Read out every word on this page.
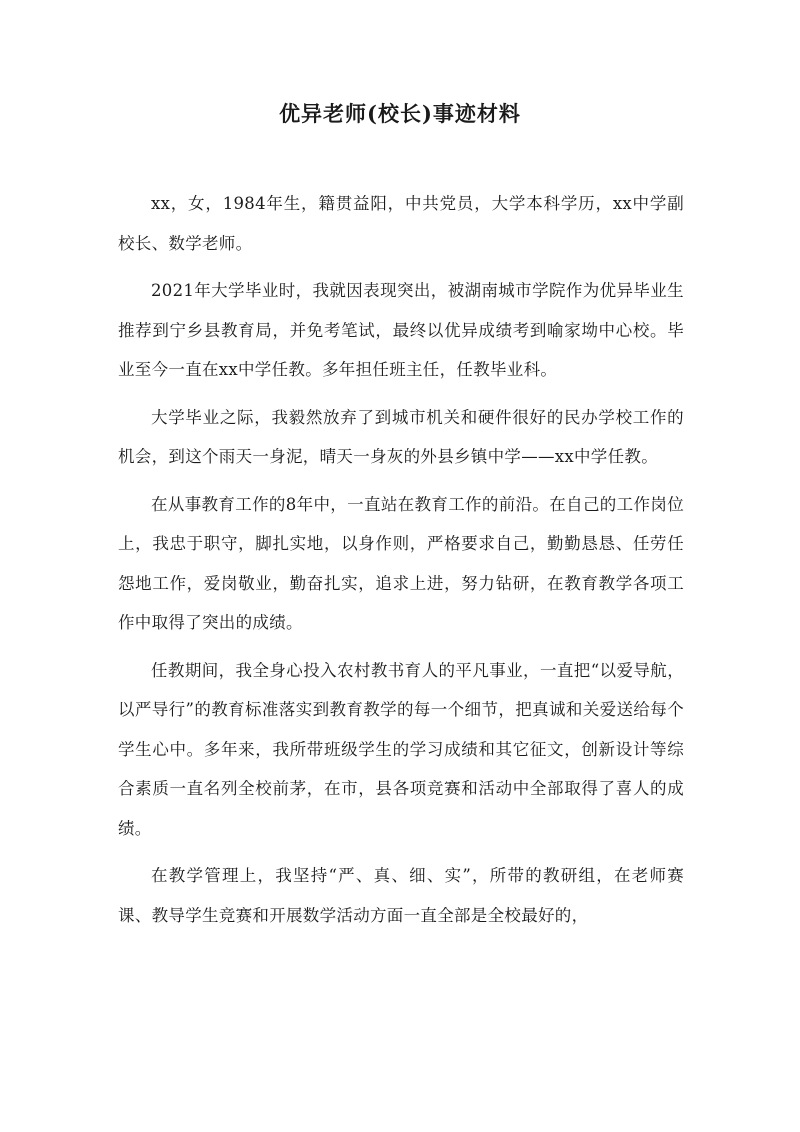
优异老师(校长)事迹材料

xx，女，1984年生，籍贯益阳，中共党员，大学本科学历，xx中学副校长、数学老师。

2021年大学毕业时，我就因表现突出，被湖南城市学院作为优异毕业生推荐到宁乡县教育局，并免考笔试，最终以优异成绩考到喻家坳中心校。毕业至今一直在xx中学任教。多年担任班主任，任教毕业科。

大学毕业之际，我毅然放弃了到城市机关和硬件很好的民办学校工作的机会，到这个雨天一身泥，晴天一身灰的外县乡镇中学——xx中学任教。

在从事教育工作的8年中，一直站在教育工作的前沿。在自己的工作岗位上，我忠于职守，脚扎实地，以身作则，严格要求自己，勤勤恳恳、任劳任怨地工作，爱岗敬业，勤奋扎实，追求上进，努力钻研，在教育教学各项工作中取得了突出的成绩。

任教期间，我全身心投入农村教书育人的平凡事业，一直把“以爱导航，以严导行”的教育标准落实到教育教学的每一个细节，把真诚和关爱送给每个学生心中。多年来，我所带班级学生的学习成绩和其它征文，创新设计等综合素质一直名列全校前茅，在市，县各项竞赛和活动中全部取得了喜人的成绩。

在教学管理上，我坚持“严、真、细、实”，所带的教研组，在老师赛课、教导学生竞赛和开展数学活动方面一直全部是全校最好的，
